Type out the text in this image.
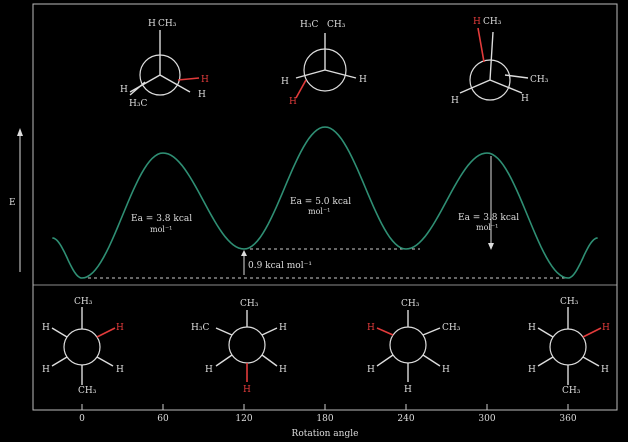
0	60	120	180	240	300	360
Rotation angle
E
Ea = 3.8 kcal
mol⁻¹
Ea = 5.0 kcal
mol⁻¹
Ea = 3.8 kcal
mol⁻¹
0.9 kcal mol⁻¹
H CH₃
H
H₃C
H
H
H₃C CH₃
H	H
H
H CH₃
H
CH₃
H
CH₃
H	H
H	H
CH₃
CH₃
H₃C	H
H	H
H
CH₃
H	CH₃
H	H
H
CH₃
H	H
H	H
CH₃
